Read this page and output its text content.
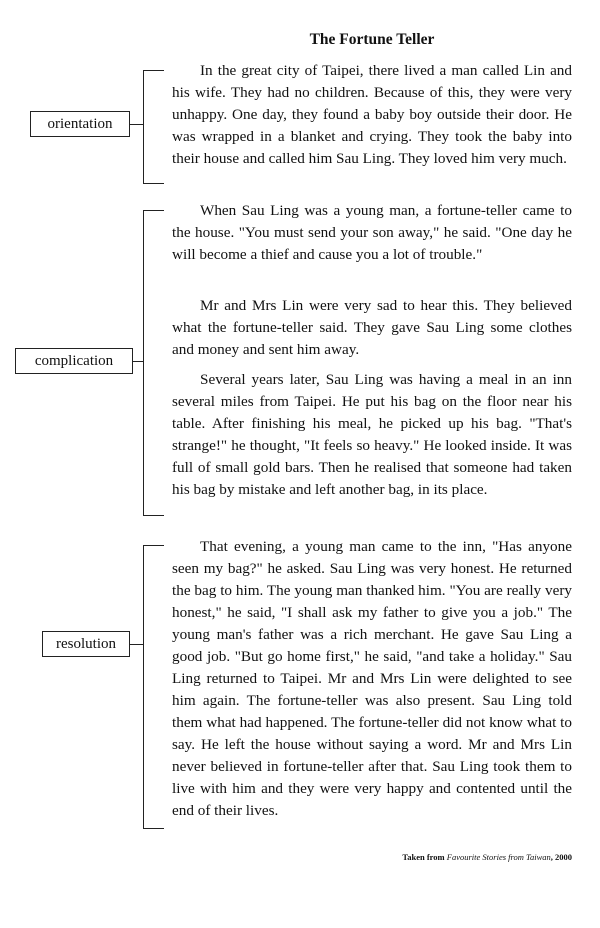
The Fortune Teller
orientation
complication
resolution

In the great city of Taipei, there lived a man called Lin and his wife. They had no children. Because of this, they were very unhappy. One day, they found a baby boy outside their door. He was wrapped in a blanket and crying. They took the baby into their house and called him Sau Ling. They loved him very much.

When Sau Ling was a young man, a fortune-teller came to the house. "You must send your son away," he said. "One day he will become a thief and cause you a lot of trouble."

Mr and Mrs Lin were very sad to hear this. They believed what the fortune-teller said. They gave Sau Ling some clothes and money and sent him away.

Several years later, Sau Ling was having a meal in an inn several miles from Taipei. He put his bag on the floor near his table. After finishing his meal, he picked up his bag. "That's strange!" he thought, "It feels so heavy." He looked inside. It was full of small gold bars. Then he realised that someone had taken his bag by mistake and left another bag, in its place.

That evening, a young man came to the inn, "Has anyone seen my bag?" he asked. Sau Ling was very honest. He returned the bag to him. The young man thanked him. "You are really very honest," he said, "I shall ask my father to give you a job." The young man's father was a rich merchant. He gave Sau Ling a good job. "But go home first," he said, "and take a holiday." Sau Ling returned to Taipei. Mr and Mrs Lin were delighted to see him again. The fortune-teller was also present. Sau Ling told them what had happened. The fortune-teller did not know what to say. He left the house without saying a word. Mr and Mrs Lin never believed in fortune-teller after that. Sau Ling took them to live with him and they were very happy and contented until the end of their lives.

Taken from Favourite Stories from Taiwan, 2000
